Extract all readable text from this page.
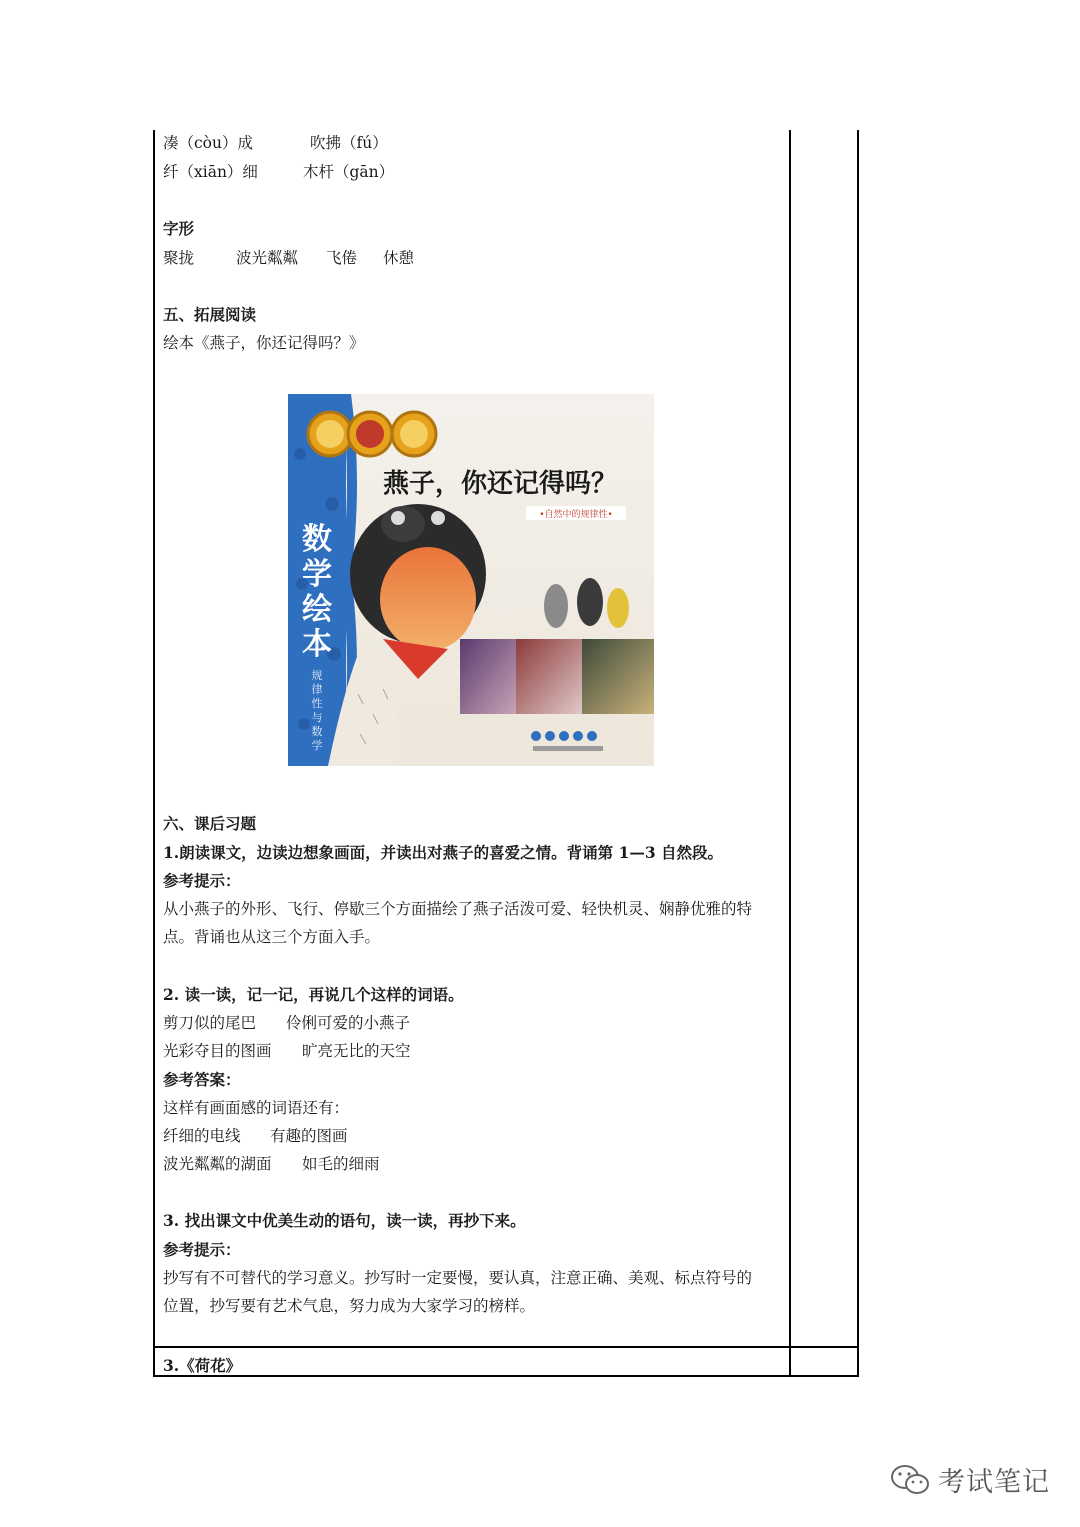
凑（còu）成	吹拂（fú）
纤（xiān）细	木杆（gān）
字形
聚拢	波光粼粼 飞倦 休憩
五、拓展阅读
绘本《燕子，你还记得吗？》
六、课后习题
1.朗读课文，边读边想象画面，并读出对燕子的喜爱之情。背诵第 1—3 自然段。
参考提示：
从小燕子的外形、飞行、停歇三个方面描绘了燕子活泼可爱、轻快机灵、娴静优雅的特
点。背诵也从这三个方面入手。
2. 读一读，记一记，再说几个这样的词语。
剪刀似的尾巴 伶俐可爱的小燕子
光彩夺目的图画 旷亮无比的天空
参考答案：
这样有画面感的词语还有：
纤细的电线 有趣的图画
波光粼粼的湖面 如毛的细雨
3. 找出课文中优美生动的语句，读一读，再抄下来。
参考提示：
抄写有不可替代的学习意义。抄写时一定要慢，要认真，注意正确、美观、标点符号的
位置，抄写要有艺术气息，努力成为大家学习的榜样。
数
学
绘
本
规
律
性
与
数
学
燕子，你还记得吗？
•自然中的规律性•
3.《荷花》
考试笔记
